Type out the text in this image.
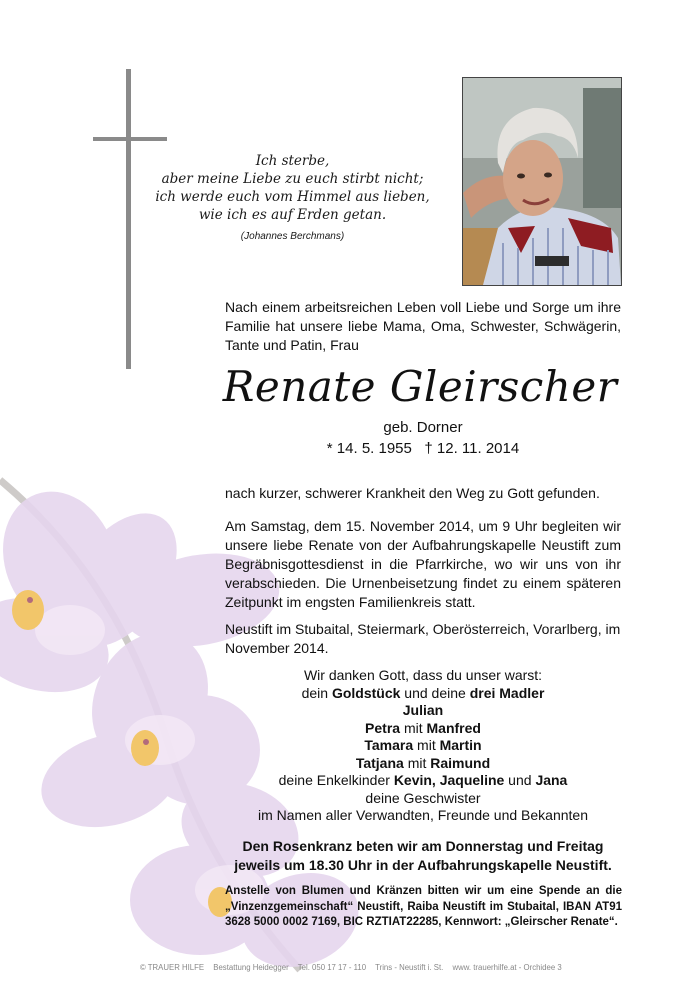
Ich sterbe,
aber meine Liebe zu euch stirbt nicht;
ich werde euch vom Himmel aus lieben,
wie ich es auf Erden getan.
(Johannes Berchmans)
Nach einem arbeitsreichen Leben voll Liebe und Sorge um ihre Familie hat unsere liebe Mama, Oma, Schwester, Schwägerin, Tante und Patin, Frau
Renate Gleirscher
geb. Dorner
* 14. 5. 1955 † 12. 11. 2014
nach kurzer, schwerer Krankheit den Weg zu Gott gefunden.
Am Samstag, dem 15. November 2014, um 9 Uhr begleiten wir unsere liebe Renate von der Aufbahrungskapelle Neustift zum Begräbnisgottesdienst in die Pfarrkirche, wo wir uns von ihr verabschieden. Die Urnenbeisetzung findet zu einem späteren Zeitpunkt im engsten Familienkreis statt.
Neustift im Stubaital, Steiermark, Oberösterreich, Vorarlberg, im November 2014.
Wir danken Gott, dass du unser warst:
dein Goldstück und deine drei Madler
Julian
Petra mit Manfred
Tamara mit Martin
Tatjana mit Raimund
deine Enkelkinder Kevin, Jaqueline und Jana
deine Geschwister
im Namen aller Verwandten, Freunde und Bekannten
Den Rosenkranz beten wir am Donnerstag und Freitag
jeweils um 18.30 Uhr in der Aufbahrungskapelle Neustift.
Anstelle von Blumen und Kränzen bitten wir um eine Spende an die „Vinzenzgemeinschaft“ Neustift, Raiba Neustift im Stubaital, IBAN AT91 3628 5000 0002 7169, BIC RZTIAT22285, Kennwort: „Gleirscher Renate“.
© TRAUER HILFE Bestattung Heidegger Tel. 050 17 17 - 110 Trins - Neustift i. St. www. trauerhilfe.at - Orchidee 3
